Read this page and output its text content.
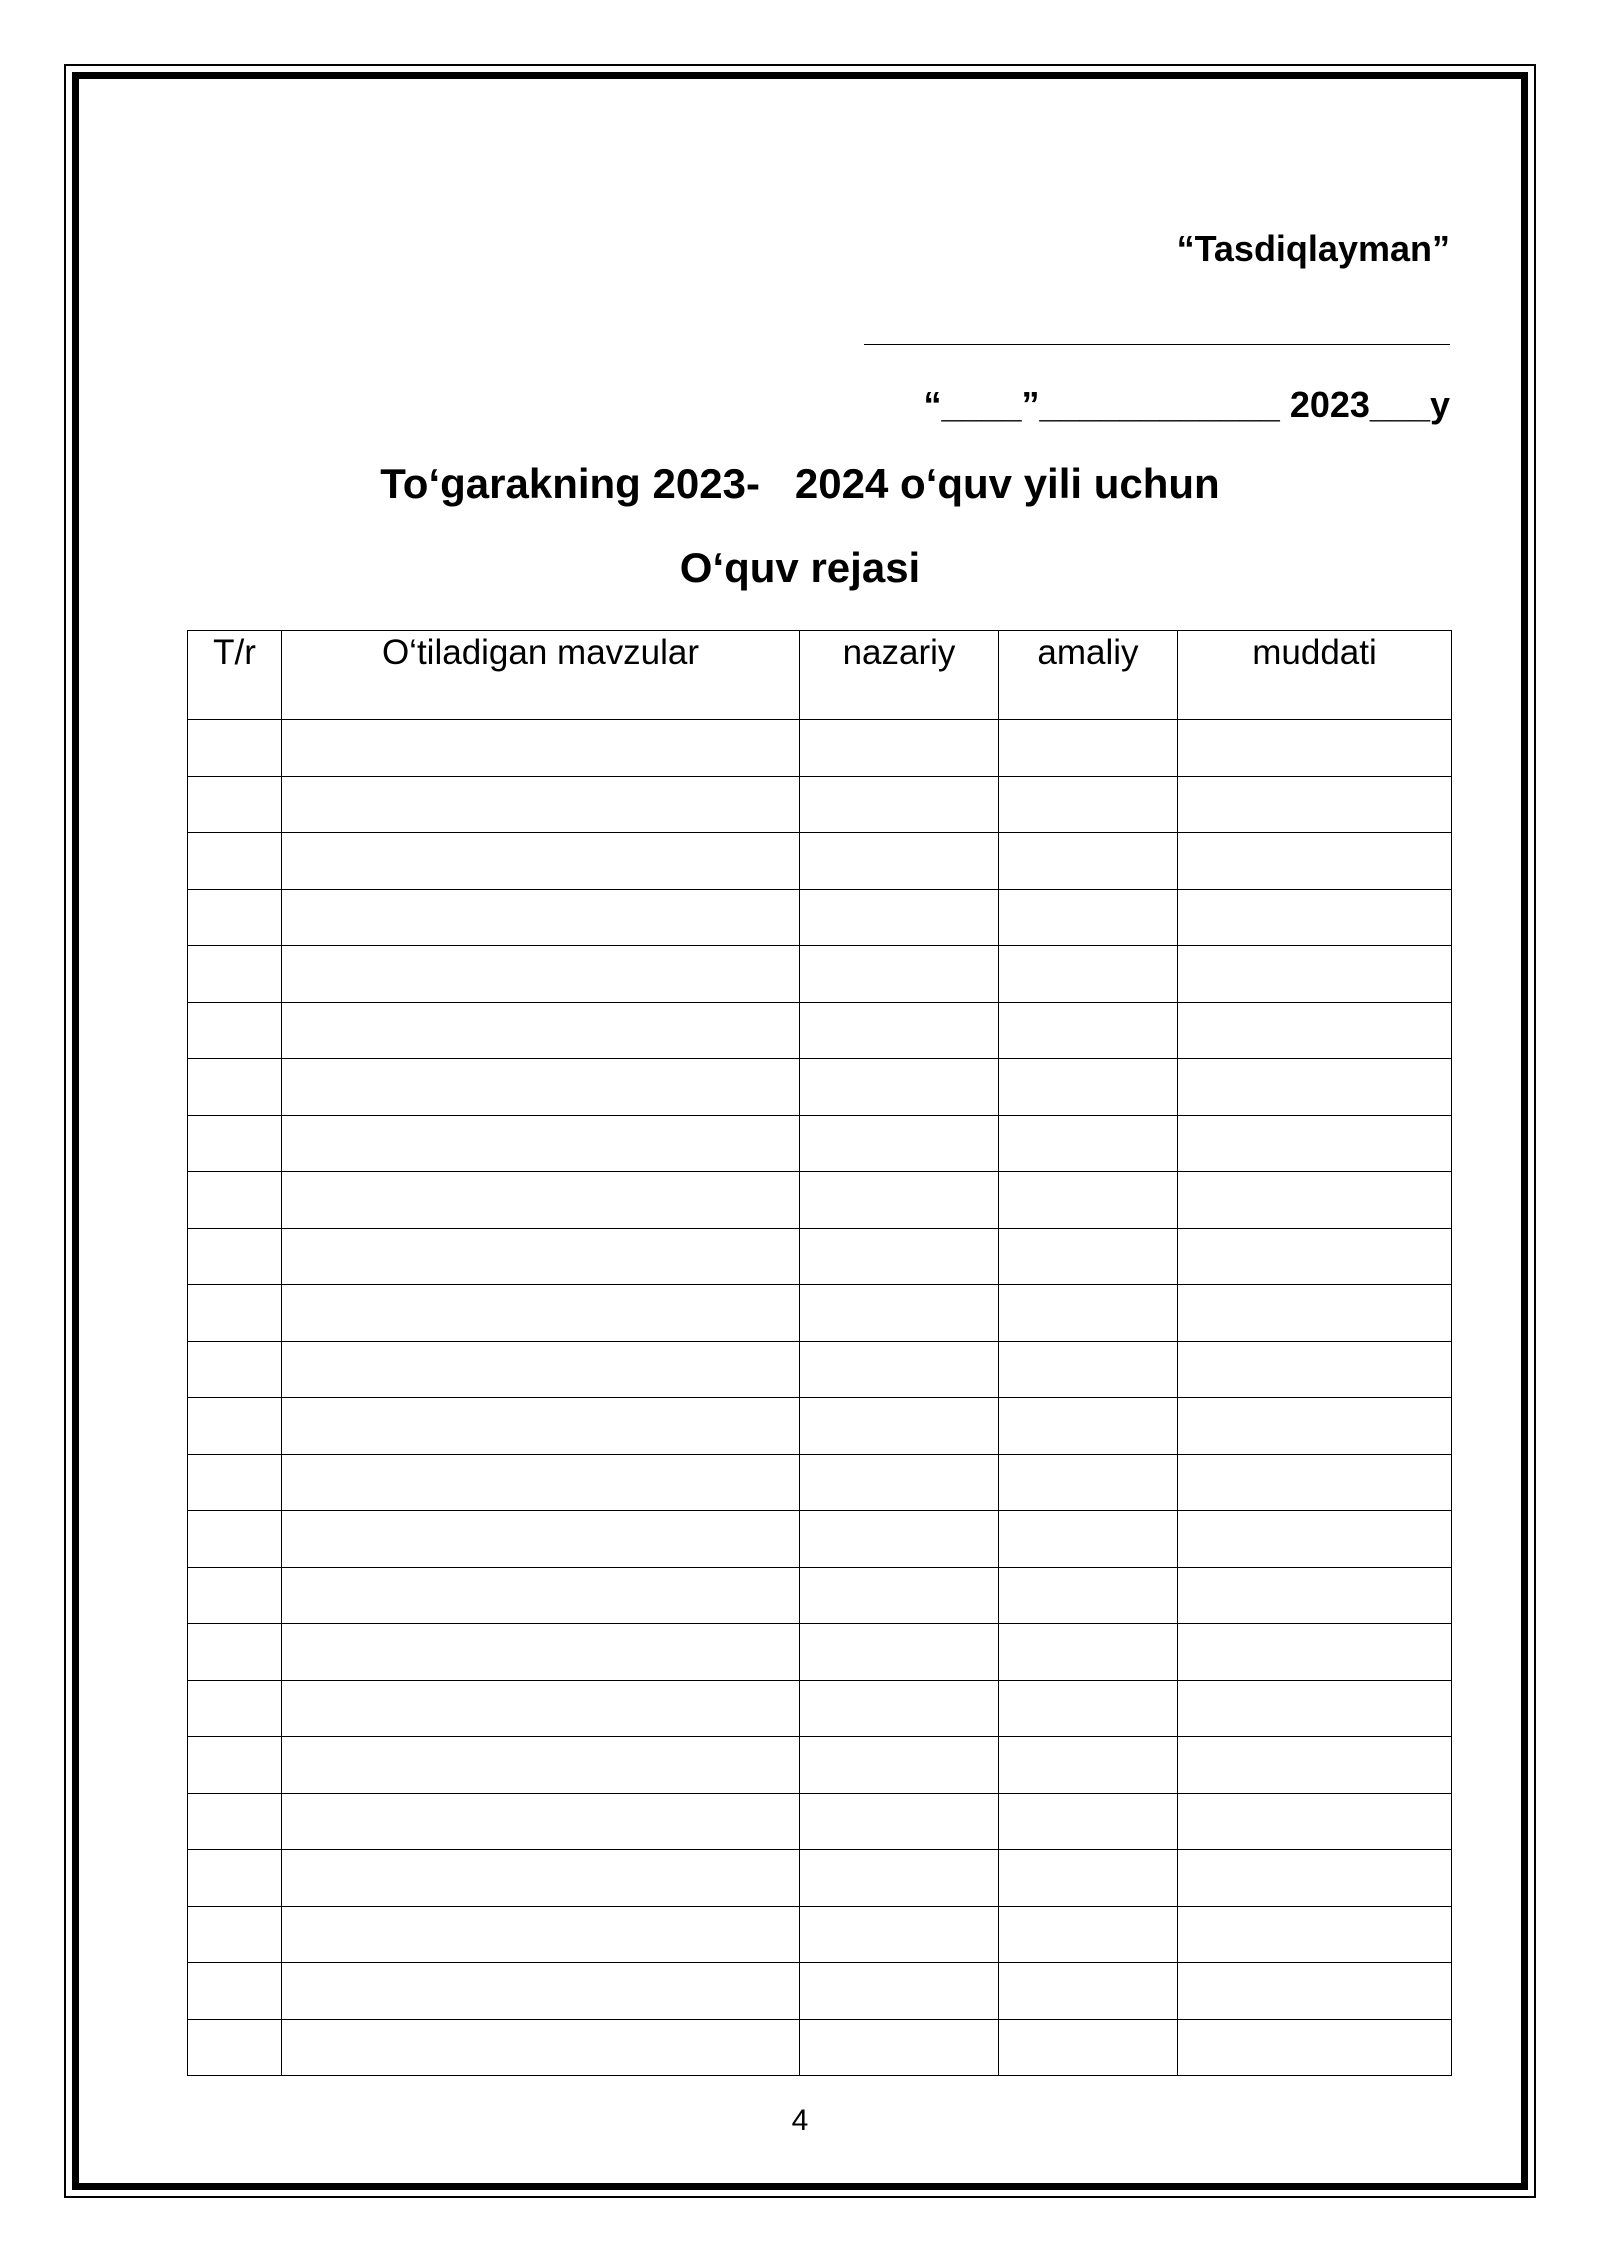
“Tasdiqlayman”
“____”____________ 2023___y
To‘garakning 2023-   2024 o‘quv yili uchun
O‘quv rejasi
T/r	O‘tiladigan mavzular	nazariy	amaliy	muddati

4
